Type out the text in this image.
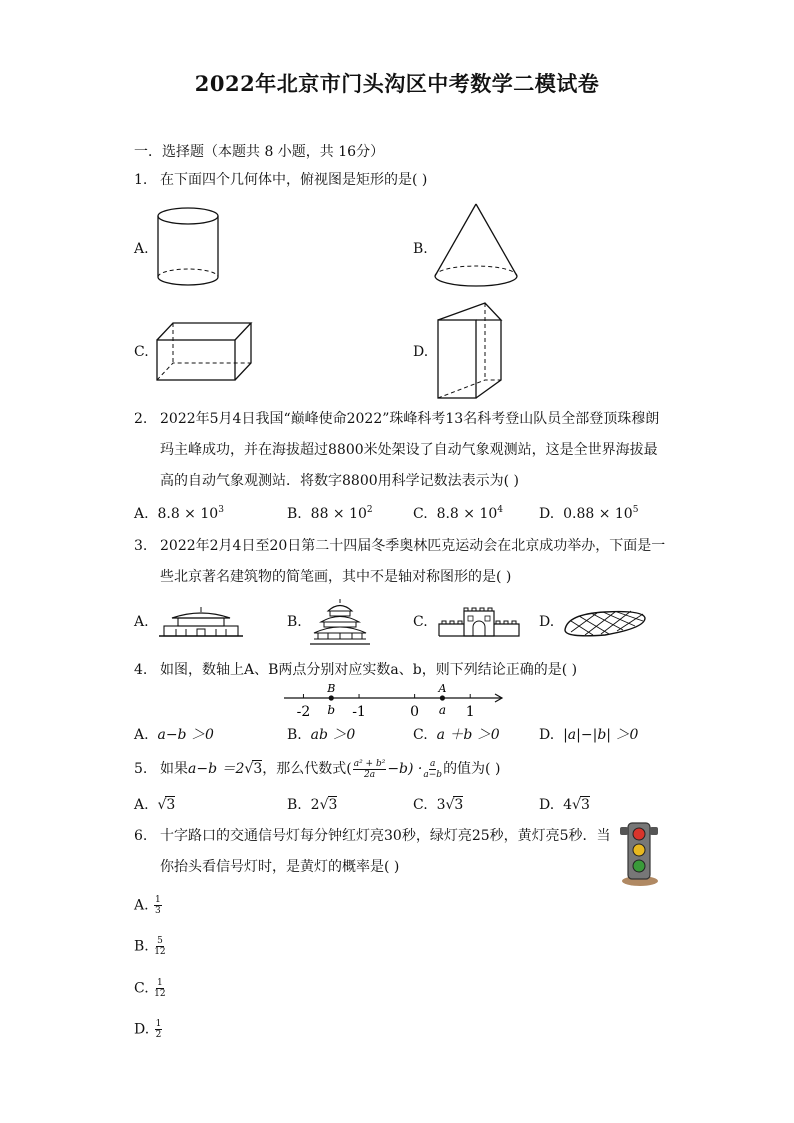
2022年北京市门头沟区中考数学二模试卷
一．选择题（本题共 8 小题，共 16分）
1. 在下面四个几何体中，俯视图是矩形的是( )
A.	B.
C.	D.
2. 2022年5月4日我国“巅峰使命2022”珠峰科考13名科考登山队员全部登顶珠穆朗
玛主峰成功，并在海拔超过8800米处架设了自动气象观测站，这是全世界海拔最
高的自动气象观测站．将数字8800用科学记数法表示为( )
A. $8.8 \times 10^3$	B. $88 \times 10^2$	C. $8.8 \times 10^4$	D. $0.88 \times 10^5$
3. 2022年2月4日至20日第二十四届冬季奥林匹克运动会在北京成功举办，下面是一
些北京著名建筑物的简笔画，其中不是轴对称图形的是( )
A.	B.	C.	D.
4. 如图，数轴上A、B两点分别对应实数a、b，则下列结论正确的是( )
-2	-1	0	1
B
b
A
a
A. a−b ＞0	B. ab ＞0	C. a ＋b ＞0	D. |a|−|b| ＞0
5. 如果a−b ＝2√3，那么代数式( $\frac{\text{a² + b²}}{2a} -b) \cdot \frac{a}{a-b}$ 的值为( )
A. √3	B. 2√3	C. 3√3	D. 4√3
6. 十字路口的交通信号灯每分钟红灯亮30秒，绿灯亮25秒，黄灯亮5秒．当
你抬头看信号灯时，是黄灯的概率是( )
A. $\frac{1}{3}$
B. $\frac{5}{12}$
C. $\frac{1}{12}$
D. $\frac{1}{2}$
